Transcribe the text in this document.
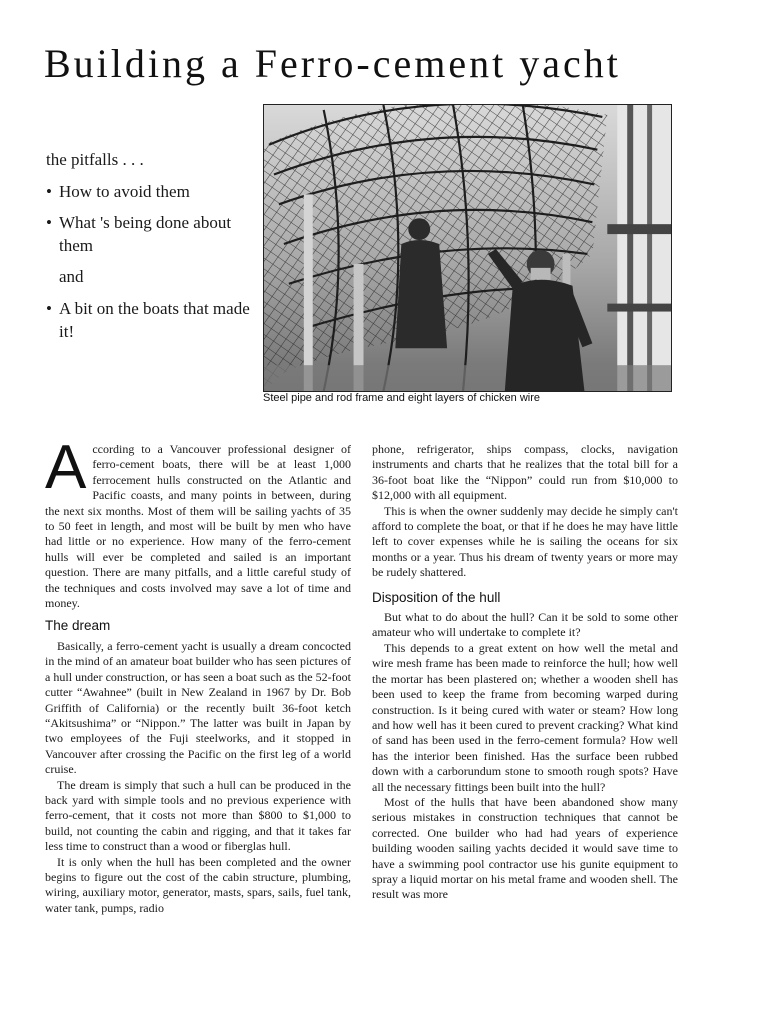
Building a Ferro-cement yacht
the pitfalls . . .
• How to avoid them
• What 's being done about them
and
• A bit on the boats that made it!
Steel pipe and rod frame and eight layers of chicken wire

According to a Vancouver professional designer of ferro-cement boats, there will be at least 1,000 ferrocement hulls constructed on the Atlantic and Pacific coasts, and many points in between, during the next six months. Most of them will be sailing yachts of 35 to 50 feet in length, and most will be built by men who have had little or no experience. How many of the ferro-cement hulls will ever be completed and sailed is an important question. There are many pitfalls, and a little careful study of the techniques and costs involved may save a lot of time and money.

The dream

Basically, a ferro-cement yacht is usually a dream concocted in the mind of an amateur boat builder who has seen pictures of a hull under construction, or has seen a boat such as the 52-foot cutter “Awahnee” (built in New Zealand in 1967 by Dr. Bob Griffith of California) or the recently built 36-foot ketch “Akitsushima” or “Nippon.” The latter was built in Japan by two employees of the Fuji steelworks, and it stopped in Vancouver after crossing the Pacific on the first leg of a world cruise.

The dream is simply that such a hull can be produced in the back yard with simple tools and no previous experience with ferro-cement, that it costs not more than $800 to $1,000 to build, not counting the cabin and rigging, and that it takes far less time to construct than a wood or fiberglas hull.

It is only when the hull has been completed and the owner begins to figure out the cost of the cabin structure, plumbing, wiring, auxiliary motor, generator, masts, spars, sails, fuel tank, water tank, pumps, radio

phone, refrigerator, ships compass, clocks, navigation instruments and charts that he realizes that the total bill for a 36-foot boat like the “Nippon” could run from $10,000 to $12,000 with all equipment.

This is when the owner suddenly may decide he simply can't afford to complete the boat, or that if he does he may have little left to cover expenses while he is sailing the oceans for six months or a year. Thus his dream of twenty years or more may be rudely shattered.

Disposition of the hull

But what to do about the hull? Can it be sold to some other amateur who will undertake to complete it?

This depends to a great extent on how well the metal and wire mesh frame has been made to reinforce the hull; how well the mortar has been plastered on; whether a wooden shell has been used to keep the frame from becoming warped during construction. Is it being cured with water or steam? How long and how well has it been cured to prevent cracking? What kind of sand has been used in the ferro-cement formula? How well has the interior been finished. Has the surface been rubbed down with a carborundum stone to smooth rough spots? Have all the necessary fittings been built into the hull?

Most of the hulls that have been abandoned show many serious mistakes in construction techniques that cannot be corrected. One builder who had had years of experience building wooden sailing yachts decided it would save time to have a swimming pool contractor use his gunite equipment to spray a liquid mortar on his metal frame and wooden shell. The result was more
